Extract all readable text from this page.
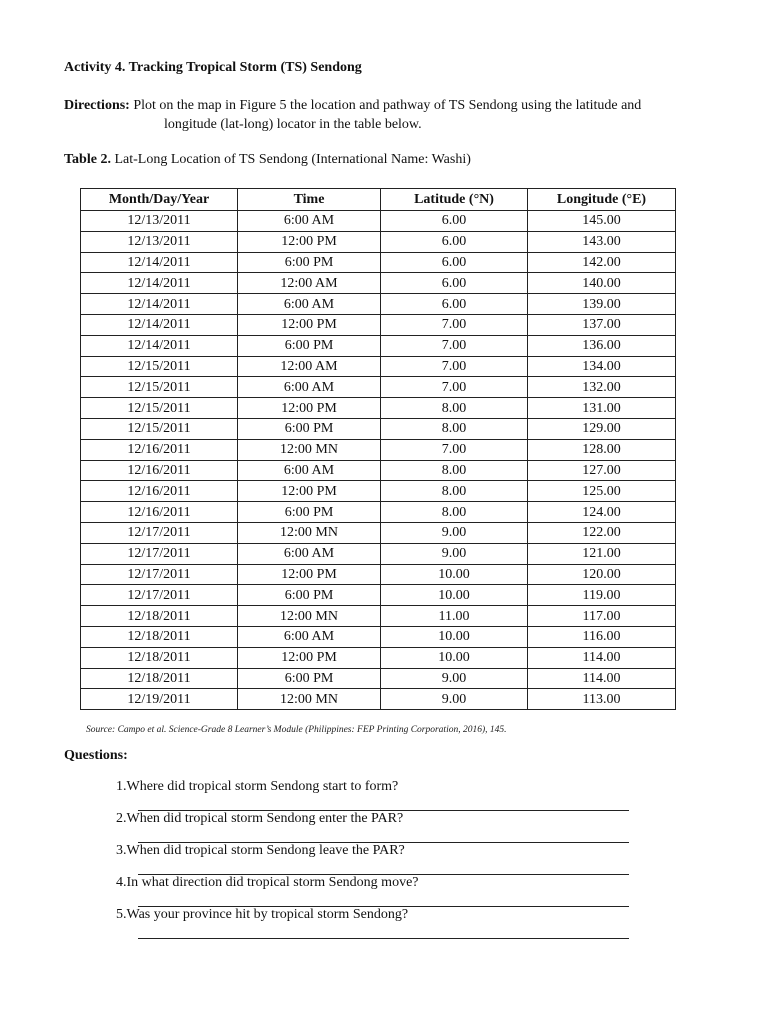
Activity 4. Tracking Tropical Storm (TS) Sendong
Directions: Plot on the map in Figure 5 the location and pathway of TS Sendong using the latitude and
longitude (lat-long) locator in the table below.
Table 2. Lat-Long Location of TS Sendong (International Name: Washi)
Month/Day/Year	Time	Latitude (°N)	Longitude (°E)
12/13/2011	6:00 AM	6.00	145.00
12/13/2011	12:00 PM	6.00	143.00
12/14/2011	6:00 PM	6.00	142.00
12/14/2011	12:00 AM	6.00	140.00
12/14/2011	6:00 AM	6.00	139.00
12/14/2011	12:00 PM	7.00	137.00
12/14/2011	6:00 PM	7.00	136.00
12/15/2011	12:00 AM	7.00	134.00
12/15/2011	6:00 AM	7.00	132.00
12/15/2011	12:00 PM	8.00	131.00
12/15/2011	6:00 PM	8.00	129.00
12/16/2011	12:00 MN	7.00	128.00
12/16/2011	6:00 AM	8.00	127.00
12/16/2011	12:00 PM	8.00	125.00
12/16/2011	6:00 PM	8.00	124.00
12/17/2011	12:00 MN	9.00	122.00
12/17/2011	6:00 AM	9.00	121.00
12/17/2011	12:00 PM	10.00	120.00
12/17/2011	6:00 PM	10.00	119.00
12/18/2011	12:00 MN	11.00	117.00
12/18/2011	6:00 AM	10.00	116.00
12/18/2011	12:00 PM	10.00	114.00
12/18/2011	6:00 PM	9.00	114.00
12/19/2011	12:00 MN	9.00	113.00
Source: Campo et al. Science-Grade 8 Learner’s Module (Philippines: FEP Printing Corporation, 2016), 145.
Questions:
1.Where did tropical storm Sendong start to form?
2.When did tropical storm Sendong enter the PAR?
3.When did tropical storm Sendong leave the PAR?
4.In what direction did tropical storm Sendong move?
5.Was your province hit by tropical storm Sendong?
